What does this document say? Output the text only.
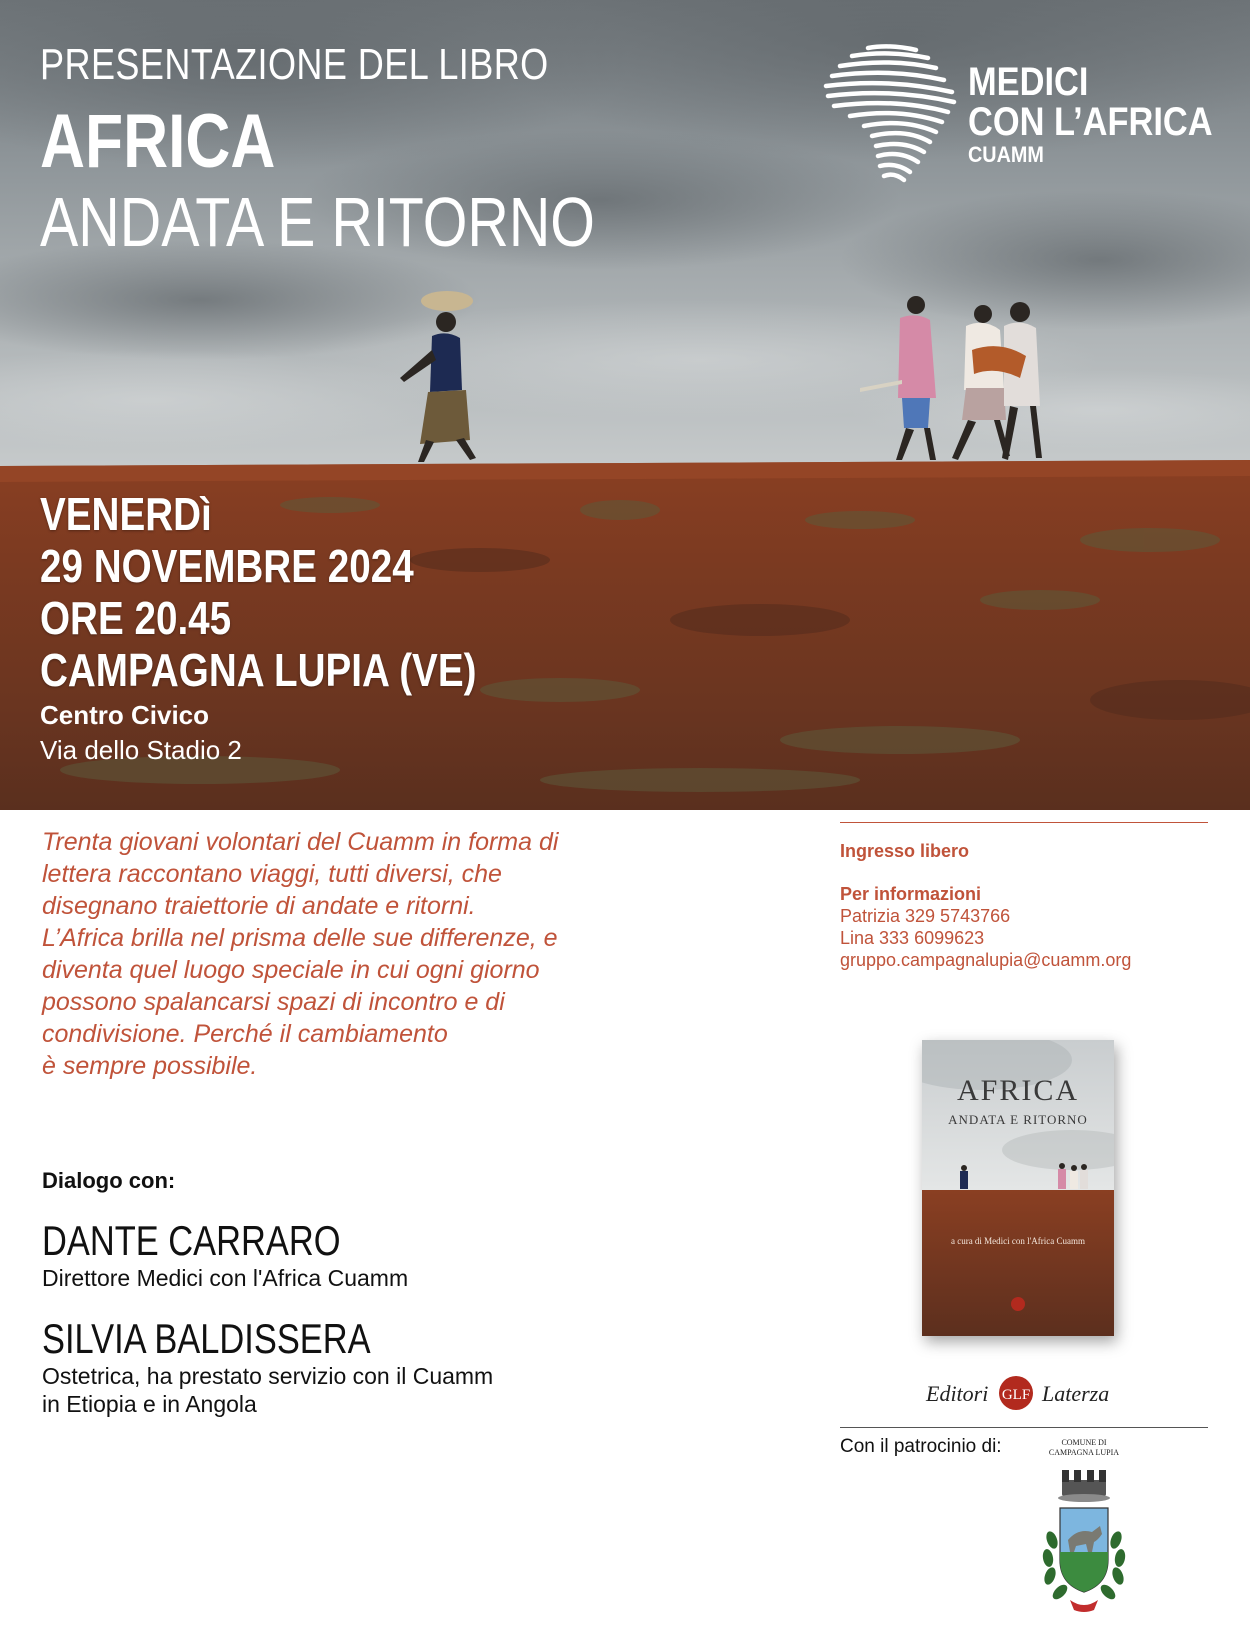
PRESENTAZIONE DEL LIBRO
AFRICA
ANDATA E RITORNO
MEDICI
CON L’AFRICA
CUAMM
VENERDì
29 NOVEMBRE 2024
ORE 20.45
CAMPAGNA LUPIA (VE)
Centro Civico
Via dello Stadio 2

Trenta giovani volontari del Cuamm in forma di

lettera raccontano viaggi, tutti diversi, che

disegnano traiettorie di andate e ritorni.

L’Africa brilla nel prisma delle sue differenze, e

diventa quel luogo speciale in cui ogni giorno

possono spalancarsi spazi di incontro e di

condivisione. Perché il cambiamento

è sempre possibile.

Ingresso libero
Per informazioni
Patrizia 329 5743766
Lina 333 6099623
gruppo.campagnalupia@cuamm.org
Dialogo con:
DANTE CARRARO
Direttore Medici con l'Africa Cuamm
SILVIA BALDISSERA
Ostetrica, ha prestato servizio con il Cuamm
in Etiopia e in Angola
AFRICA
ANDATA E RITORNO
a cura di Medici con l'Africa Cuamm
Editori GLF Laterza
Con il patrocinio di:	COMUNE DI
CAMPAGNA LUPIA
